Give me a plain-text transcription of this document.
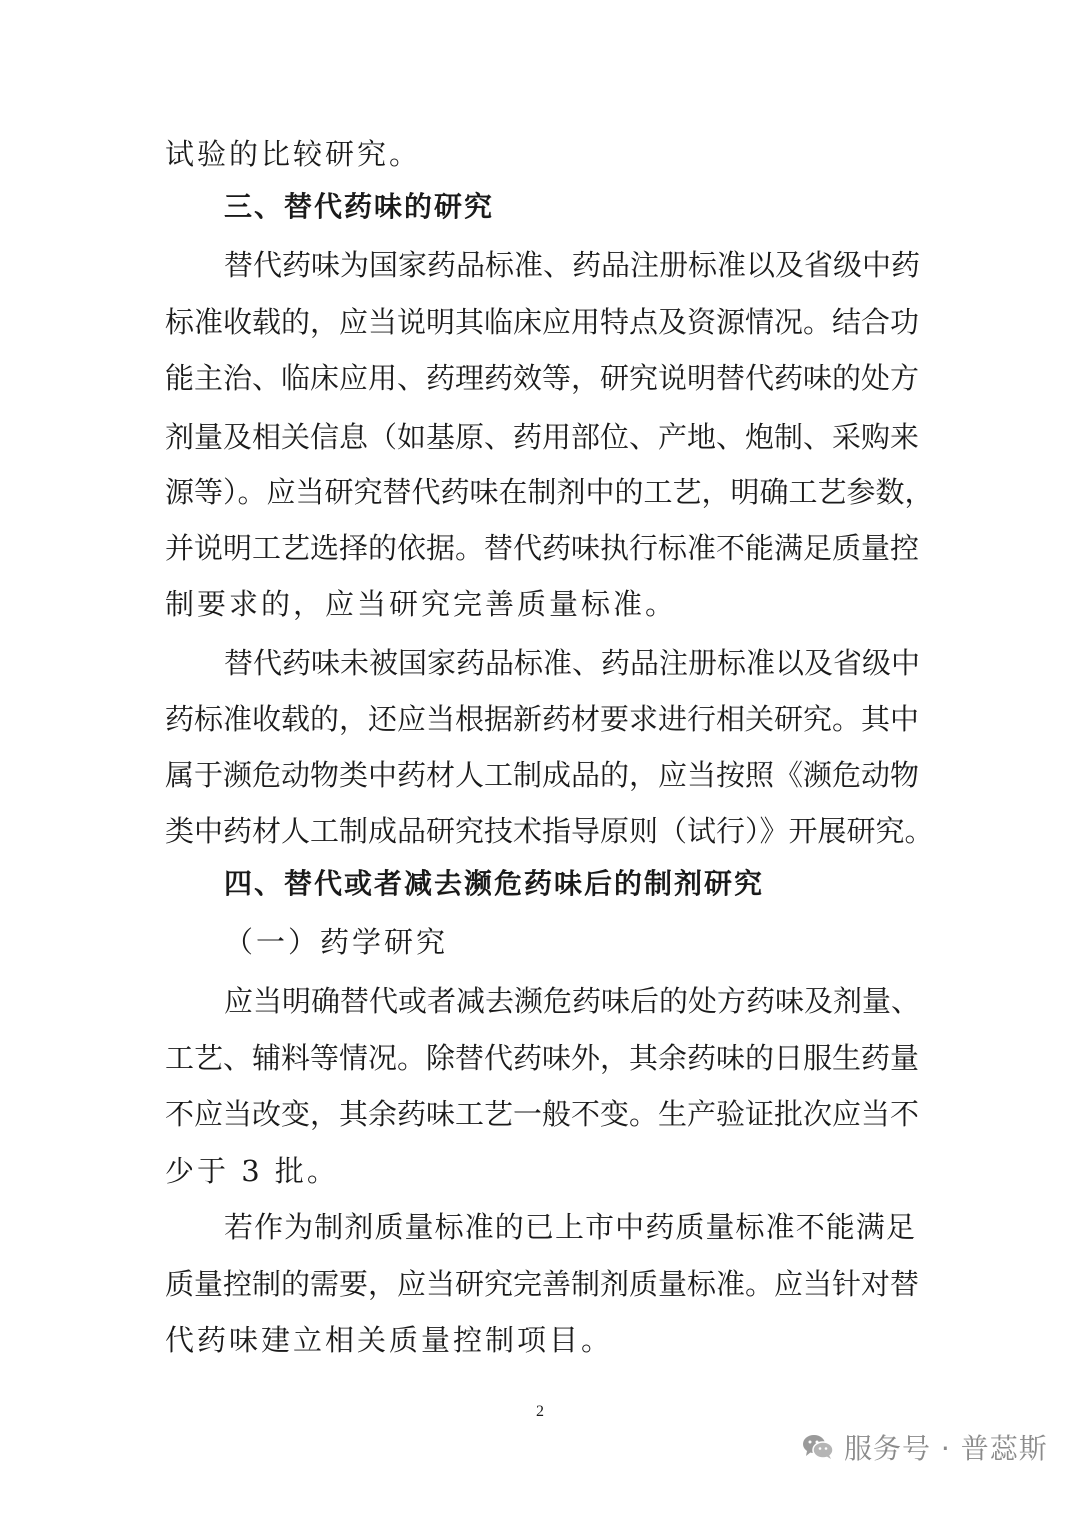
试验的比较研究。
三、替代药味的研究
替代药味为国家药品标准、药品注册标准以及省级中药
标准收载的，应当说明其临床应用特点及资源情况。结合功
能主治、临床应用、药理药效等，研究说明替代药味的处方
剂量及相关信息（如基原、药用部位、产地、炮制、采购来
源等）。应当研究替代药味在制剂中的工艺，明确工艺参数，
并说明工艺选择的依据。替代药味执行标准不能满足质量控
制要求的，应当研究完善质量标准。
替代药味未被国家药品标准、药品注册标准以及省级中
药标准收载的，还应当根据新药材要求进行相关研究。其中
属于濒危动物类中药材人工制成品的，应当按照《濒危动物
类中药材人工制成品研究技术指导原则（试行）》开展研究。
四、替代或者减去濒危药味后的制剂研究
（一）药学研究
应当明确替代或者减去濒危药味后的处方药味及剂量、
工艺、辅料等情况。除替代药味外，其余药味的日服生药量
不应当改变，其余药味工艺一般不变。生产验证批次应当不
少于 3 批。
若作为制剂质量标准的已上市中药质量标准不能满足
质量控制的需要，应当研究完善制剂质量标准。应当针对替
代药味建立相关质量控制项目。
2
服务号 · 普蕊斯
